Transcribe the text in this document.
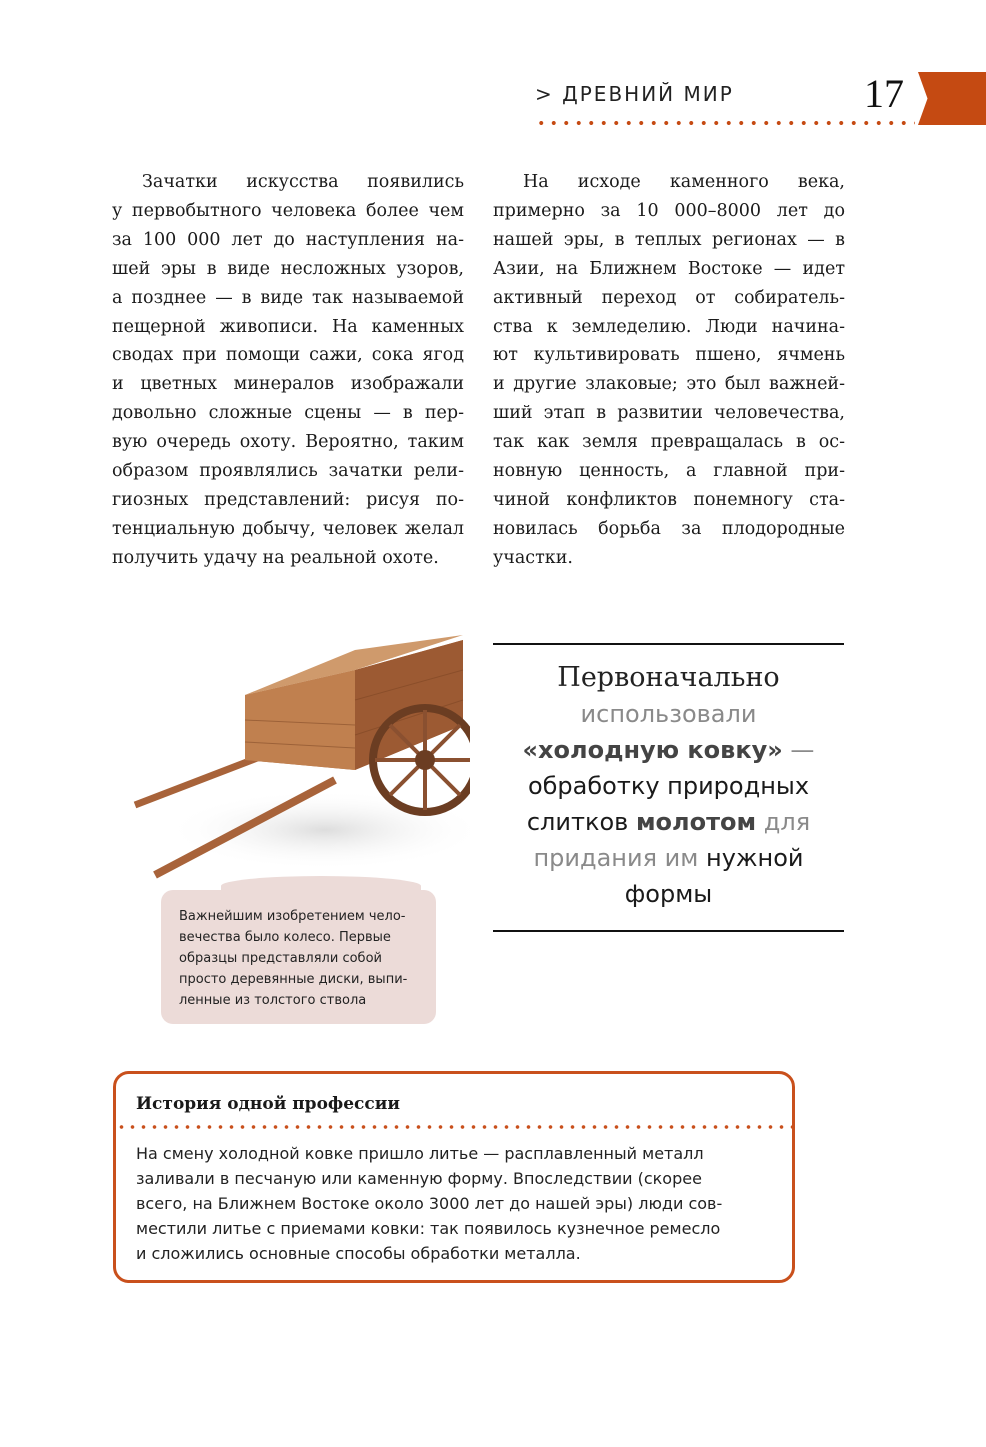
> ДРЕВНИЙ МИР	17
Зачатки искусства появились
у первобытного человека более чем
за 100 000 лет до наступления на-
шей эры в виде несложных узоров,
а позднее — в виде так называемой
пещерной живописи. На каменных
сводах при помощи сажи, сока ягод
и цветных минералов изображали
довольно сложные сцены — в пер-
вую очередь охоту. Вероятно, таким
образом проявлялись зачатки рели-
гиозных представлений: рисуя по-
тенциальную добычу, человек желал
получить удачу на реальной охоте.
На исходе каменного века,
примерно за 10 000–8000 лет до
нашей эры, в теплых регионах — в
Азии, на Ближнем Востоке — идет
активный переход от собиратель-
ства к земледелию. Люди начина-
ют культивировать пшено, ячмень
и другие злаковые; это был важней-
ший этап в развитии человечества,
так как земля превращалась в ос-
новную ценность, а главной при-
чиной конфликтов понемногу ста-
новилась борьба за плодородные
участки.
Важнейшим изобретением чело-
вечества было колесо. Первые
образцы представляли собой
просто деревянные диски, выпи-
ленные из толстого ствола
Первоначально
использовали
«холодную ковку» —
обработку природных
слитков молотом для
придания им нужной
формы
История одной профессии
На смену холодной ковке пришло литье — расплавленный металл
заливали в песчаную или каменную форму. Впоследствии (скорее
всего, на Ближнем Востоке около 3000 лет до нашей эры) люди сов-
местили литье с приемами ковки: так появилось кузнечное ремесло
и сложились основные способы обработки металла.
